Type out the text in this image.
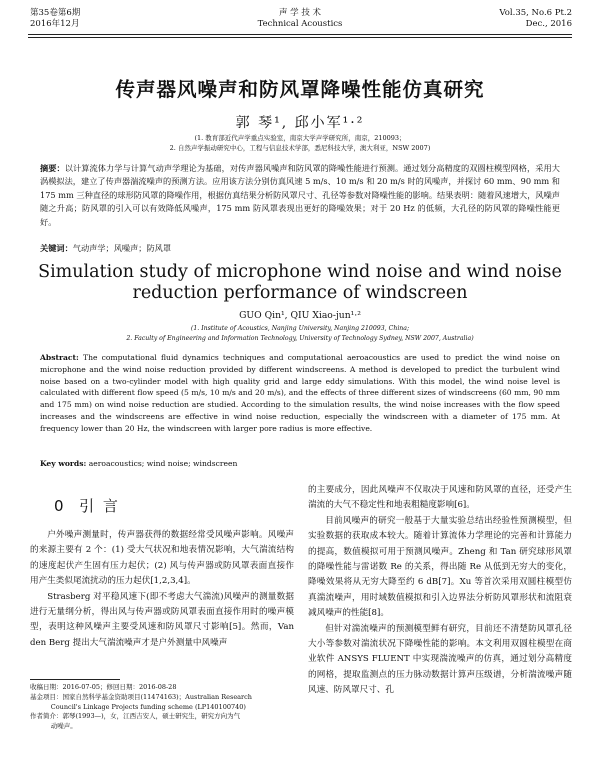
第35卷第6期
2016年12月
声 学 技 术
Technical Acoustics
Vol.35, No.6 Pt.2
Dec., 2016
传声器风噪声和防风罩降噪性能仿真研究
郭 琴¹, 邱小军¹·²
(1. 教育部近代声学重点实验室，南京大学声学研究所，南京，210093；
2. 自然声学振动研究中心，工程与信息技术学部，悉尼科技大学，澳大利亚，NSW 2007)
摘要：以计算流体力学与计算气动声学理论为基础，对传声器风噪声和防风罩的降噪性能进行预测。通过划分高精度的双圆柱模型网格，采用大涡模拟法，建立了传声器湍流噪声的预测方法。应用该方法分别仿真风速 5 m/s、10 m/s 和 20 m/s 时的风噪声，并探讨 60 mm、90 mm 和 175 mm 三种直径的球形防风罩的降噪作用，根据仿真结果分析防风罩尺寸、孔径等参数对降噪性能的影响。结果表明：随着风速增大，风噪声随之升高；防风罩的引入可以有效降低风噪声，175 mm 防风罩表现出更好的降噪效果；对于 20 Hz 的低频，大孔径的防风罩的降噪性能更好。
关键词：气动声学；风噪声；防风罩
Simulation study of microphone wind noise and wind noise reduction performance of windscreen
GUO Qin¹, QIU Xiao-jun¹·²
(1. Institute of Acoustics, Nanjing University, Nanjing 210093, China;
2. Faculty of Engineering and Information Technology, University of Technology Sydney, NSW 2007, Australia)
Abstract: The computational fluid dynamics techniques and computational aeroacoustics are used to predict the wind noise on microphone and the wind noise reduction provided by different windscreens. A method is developed to predict the turbulent wind noise based on a two-cylinder model with high quality grid and large eddy simulations. With this model, the wind noise level is calculated with different flow speed (5 m/s, 10 m/s and 20 m/s), and the effects of three different sizes of windscreens (60 mm, 90 mm and 175 mm) on wind noise reduction are studied. According to the simulation results, the wind noise increases with the flow speed increases and the windscreens are effective in wind noise reduction, especially the windscreen with a diameter of 175 mm. At frequency lower than 20 Hz, the windscreen with larger pore radius is more effective.
Key words: aeroacoustics; wind noise; windscreen
0 引 言

户外噪声测量时，传声器获得的数据经常受风噪声影响。风噪声的来源主要有 2 个：(1) 受大气状况和地表情况影响，大气湍流结构的速度起伏产生固有压力起伏；(2) 风与传声器或防风罩表面直接作用产生类似尾流扰动的压力起伏[1,2,3,4]。

Strasberg 对平稳风速下(即不考虑大气湍流)风噪声的测量数据进行无量纲分析，得出风与传声器或防风罩表面直接作用时的噪声模型，表明这种风噪声主要受风速和防风罩尺寸影响[5]。然而，Van den Berg 提出大气湍流噪声才是户外测量中风噪声

的主要成分，因此风噪声不仅取决于风速和防风罩的直径，还受产生湍流的大气不稳定性和地表粗糙度影响[6]。

目前风噪声的研究一般基于大量实验总结出经验性预测模型，但实验数据的获取成本较大。随着计算流体力学理论的完善和计算能力的提高，数值模拟可用于预测风噪声。Zheng 和 Tan 研究球形风罩的降噪性能与雷诺数 Re 的关系，得出随 Re 从低到无穷大的变化，降噪效果将从无穷大降至约 6 dB[7]。Xu 等首次采用双圆柱模型仿真湍流噪声，用时域数值模拟和引入边界法分析防风罩形状和流阻衰减风噪声的性能[8]。

但针对湍流噪声的预测模型鲜有研究，目前还不清楚防风罩孔径大小等参数对湍流状况下降噪性能的影响。本文利用双圆柱模型在商业软件 ANSYS FLUENT 中实现湍流噪声的仿真，通过划分高精度的网格，提取监测点的压力脉动数据计算声压级谱，分析湍流噪声随风速、防风罩尺寸、孔

收稿日期：2016-07-05；修回日期：2016-08-28
基金项目：国家自然科学基金资助项目(11474163)；Australian Research
Council's Linkage Projects funding scheme (LP140100740)
作者简介：郭琴(1993—)，女，江西吉安人，硕士研究生，研究方向为气
动噪声。
